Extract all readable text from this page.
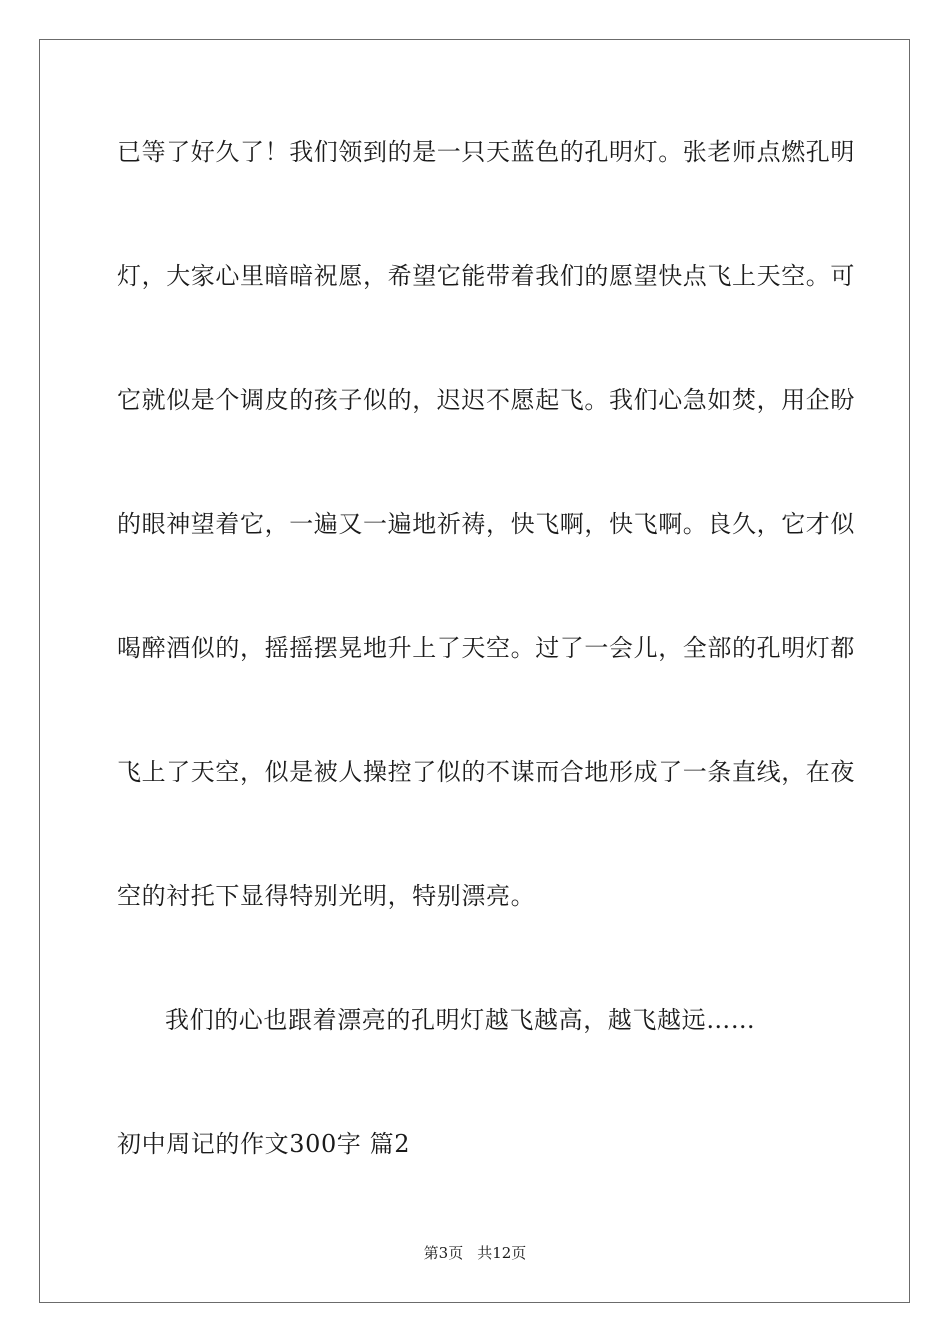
已等了好久了！我们领到的是一只天蓝色的孔明灯。张老师点燃孔明
灯，大家心里暗暗祝愿，希望它能带着我们的愿望快点飞上天空。可
它就似是个调皮的孩子似的，迟迟不愿起飞。我们心急如焚，用企盼
的眼神望着它，一遍又一遍地祈祷，快飞啊，快飞啊。良久，它才似
喝醉酒似的，摇摇摆晃地升上了天空。过了一会儿，全部的孔明灯都
飞上了天空，似是被人操控了似的不谋而合地形成了一条直线，在夜
空的衬托下显得特别光明，特别漂亮。
我们的心也跟着漂亮的孔明灯越飞越高，越飞越远……
初中周记的作文300字 篇2
第3页 共12页
